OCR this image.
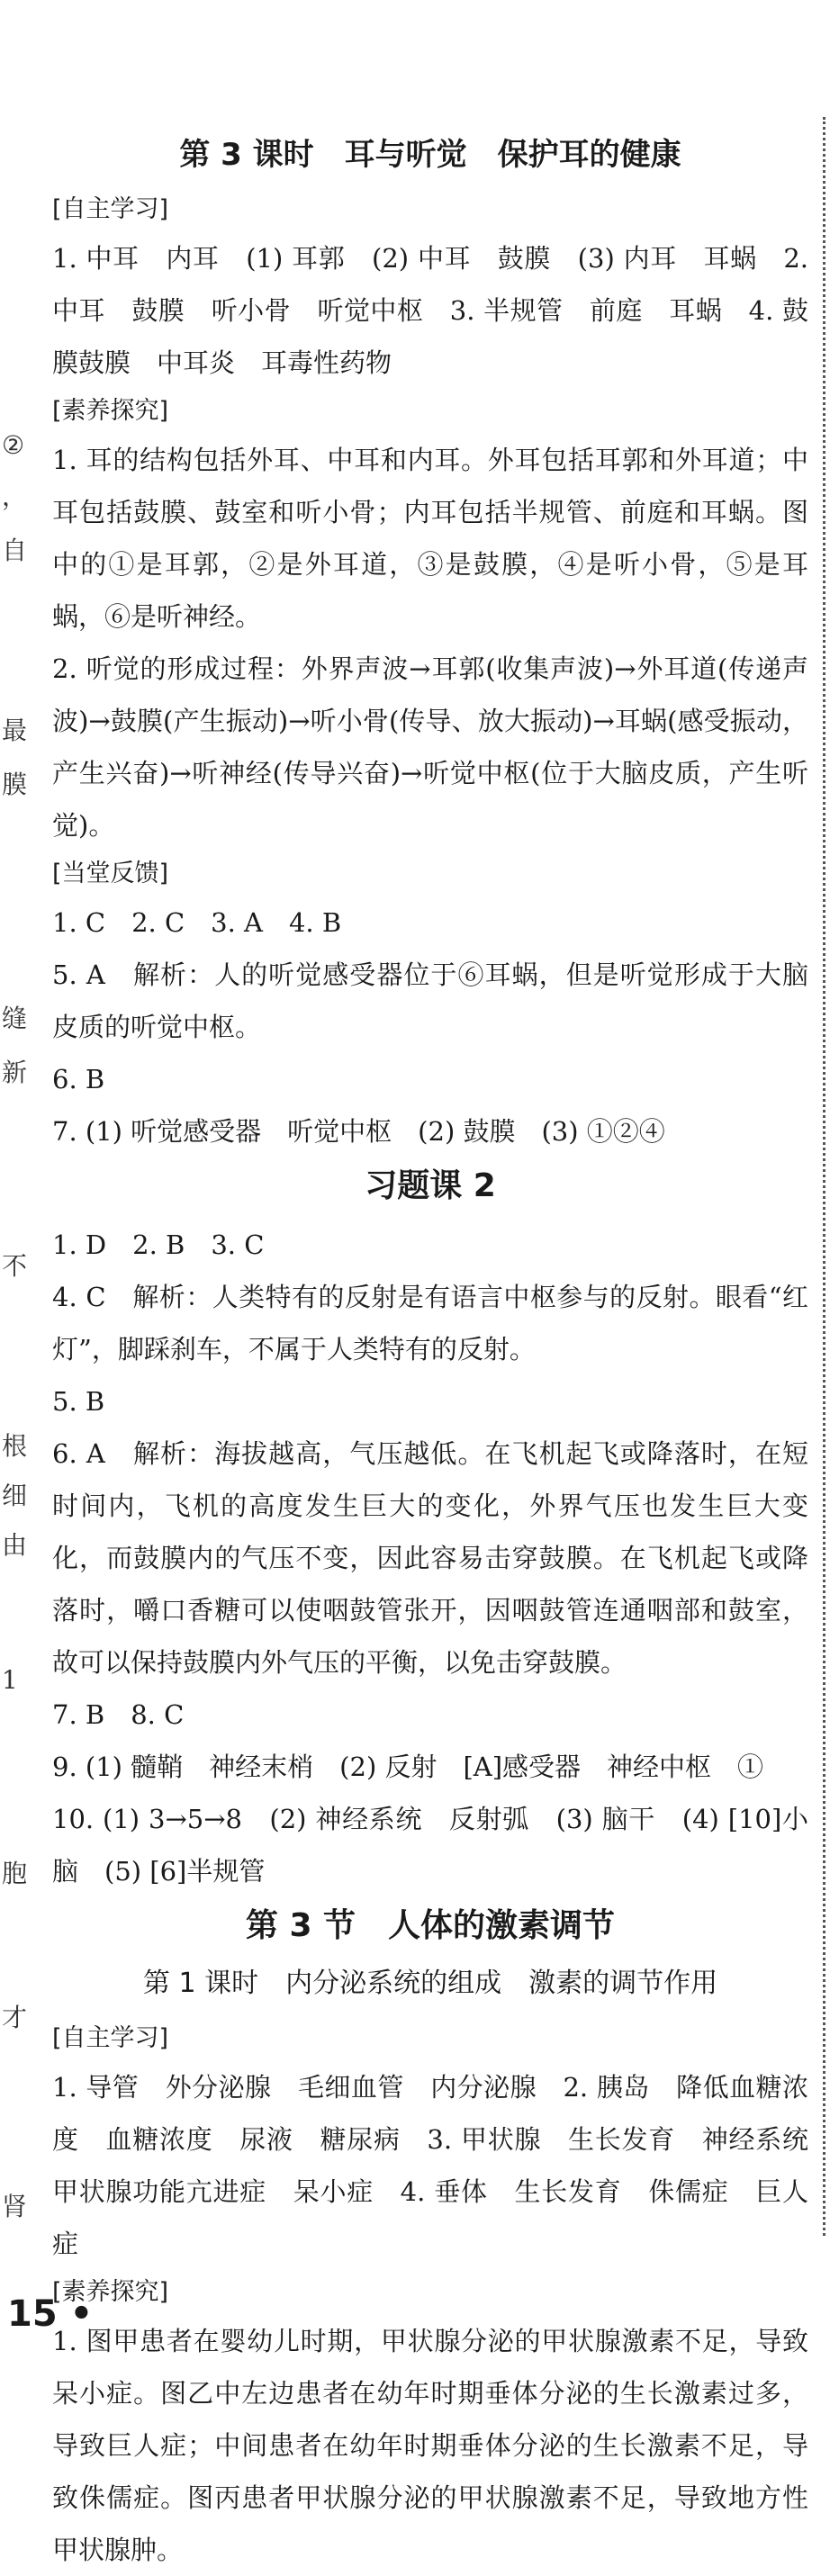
②
，
自
最
膜
缝
新
不
根
细
由
1
胞
才
肾
第 3 课时　耳与听觉　保护耳的健康
[自主学习]
1. 中耳　内耳　(1) 耳郭　(2) 中耳　鼓膜　(3) 内耳　耳蜗　2. 中耳　鼓膜　听小骨　听觉中枢　3. 半规管　前庭　耳蜗　4. 鼓膜鼓膜　中耳炎　耳毒性药物
[素养探究]
1. 耳的结构包括外耳、中耳和内耳。外耳包括耳郭和外耳道；中耳包括鼓膜、鼓室和听小骨；内耳包括半规管、前庭和耳蜗。图中的①是耳郭，②是外耳道，③是鼓膜，④是听小骨，⑤是耳蜗，⑥是听神经。
2. 听觉的形成过程：外界声波→耳郭(收集声波)→外耳道(传递声波)→鼓膜(产生振动)→听小骨(传导、放大振动)→耳蜗(感受振动，产生兴奋)→听神经(传导兴奋)→听觉中枢(位于大脑皮质，产生听觉)。
[当堂反馈]
1. C　2. C　3. A　4. B
5. A　解析：人的听觉感受器位于⑥耳蜗，但是听觉形成于大脑皮质的听觉中枢。
6. B
7. (1) 听觉感受器　听觉中枢　(2) 鼓膜　(3) ①②④
习题课 2
1. D　2. B　3. C
4. C　解析：人类特有的反射是有语言中枢参与的反射。眼看“红灯”，脚踩刹车，不属于人类特有的反射。
5. B
6. A　解析：海拔越高，气压越低。在飞机起飞或降落时，在短时间内，飞机的高度发生巨大的变化，外界气压也发生巨大变化，而鼓膜内的气压不变，因此容易击穿鼓膜。在飞机起飞或降落时，嚼口香糖可以使咽鼓管张开，因咽鼓管连通咽部和鼓室，故可以保持鼓膜内外气压的平衡，以免击穿鼓膜。
7. B　8. C
9. (1) 髓鞘　神经末梢　(2) 反射　[A]感受器　神经中枢　①
10. (1) 3→5→8　(2) 神经系统　反射弧　(3) 脑干　(4) [10]小脑　(5) [6]半规管
第 3 节　人体的激素调节
第 1 课时　内分泌系统的组成　激素的调节作用
[自主学习]
1. 导管　外分泌腺　毛细血管　内分泌腺　2. 胰岛　降低血糖浓度　血糖浓度　尿液　糖尿病　3. 甲状腺　生长发育　神经系统甲状腺功能亢进症　呆小症　4. 垂体　生长发育　侏儒症　巨人症
[素养探究]
1. 图甲患者在婴幼儿时期，甲状腺分泌的甲状腺激素不足，导致呆小症。图乙中左边患者在幼年时期垂体分泌的生长激素过多，导致巨人症；中间患者在幼年时期垂体分泌的生长激素不足，导致侏儒症。图丙患者甲状腺分泌的甲状腺激素不足，导致地方性甲状腺肿。
15 •
